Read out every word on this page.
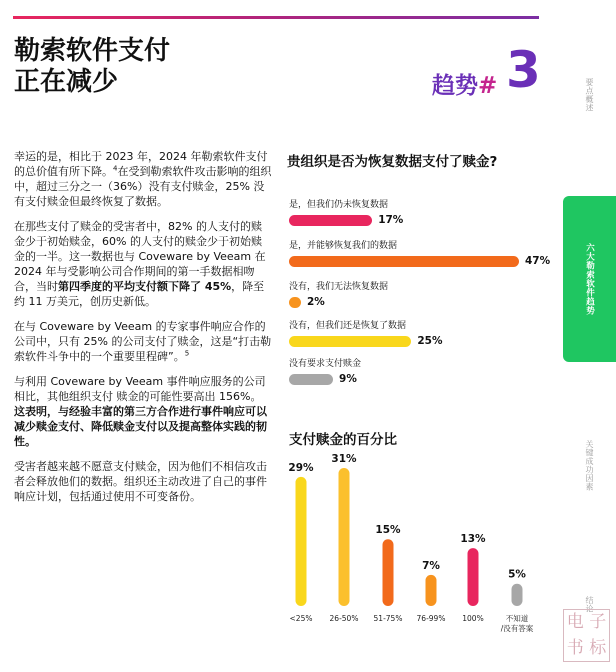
勒索软件支付
正在减少	趋势# 3

幸运的是，相比于 2023 年，2024 年勒索软件支付的总价值有所下降。$^4$在受到勒索软件攻击影响的组织中，超过三分之一（36%）没有支付赎金，25% 没有支付赎金但最终恢复了数据。

在那些支付了赎金的受害者中，82% 的人支付的赎金少于初始赎金，60% 的人支付的赎金少于初始赎金的一半。这一数据也与 Coveware by Veeam 在 2024 年与受影响公司合作期间的第一手数据相吻合，当时第四季度的平均支付额下降了 45%，降至约 11 万美元，创历史新低。

在与 Coveware by Veeam 的专家事件响应合作的公司中，只有 25% 的公司支付了赎金，这是“打击勒索软件斗争中的一个重要里程碑”。$^5$

与利用 Coveware by Veeam 事件响应服务的公司相比，其他组织支付 赎金的可能性要高出 156%。这表明，与经验丰富的第三方合作进行事件响应可以减少赎金支付、降低赎金支付以及提高整体实践的韧性。

受害者越来越不愿意支付赎金，因为他们不相信攻击者会释放他们的数据。组织还主动改进了自己的事件响应计划，包括通过使用不可变备份。

贵组织是否为恢复数据支付了赎金?
是，但我们仍未恢复数据
17%
是，并能够恢复我们的数据
47%
没有，我们无法恢复数据
2%
没有，但我们还是恢复了数据
25%
没有要求支付赎金
9%
支付赎金的百分比
29%
<25%
31%
26-50%
15%
51-75%
7%
76-99%
13%
100%
5%
不知道
/没有答案
要点概述
六大勒索软件趋势
关键成功因素
结论
电 子
书 标
